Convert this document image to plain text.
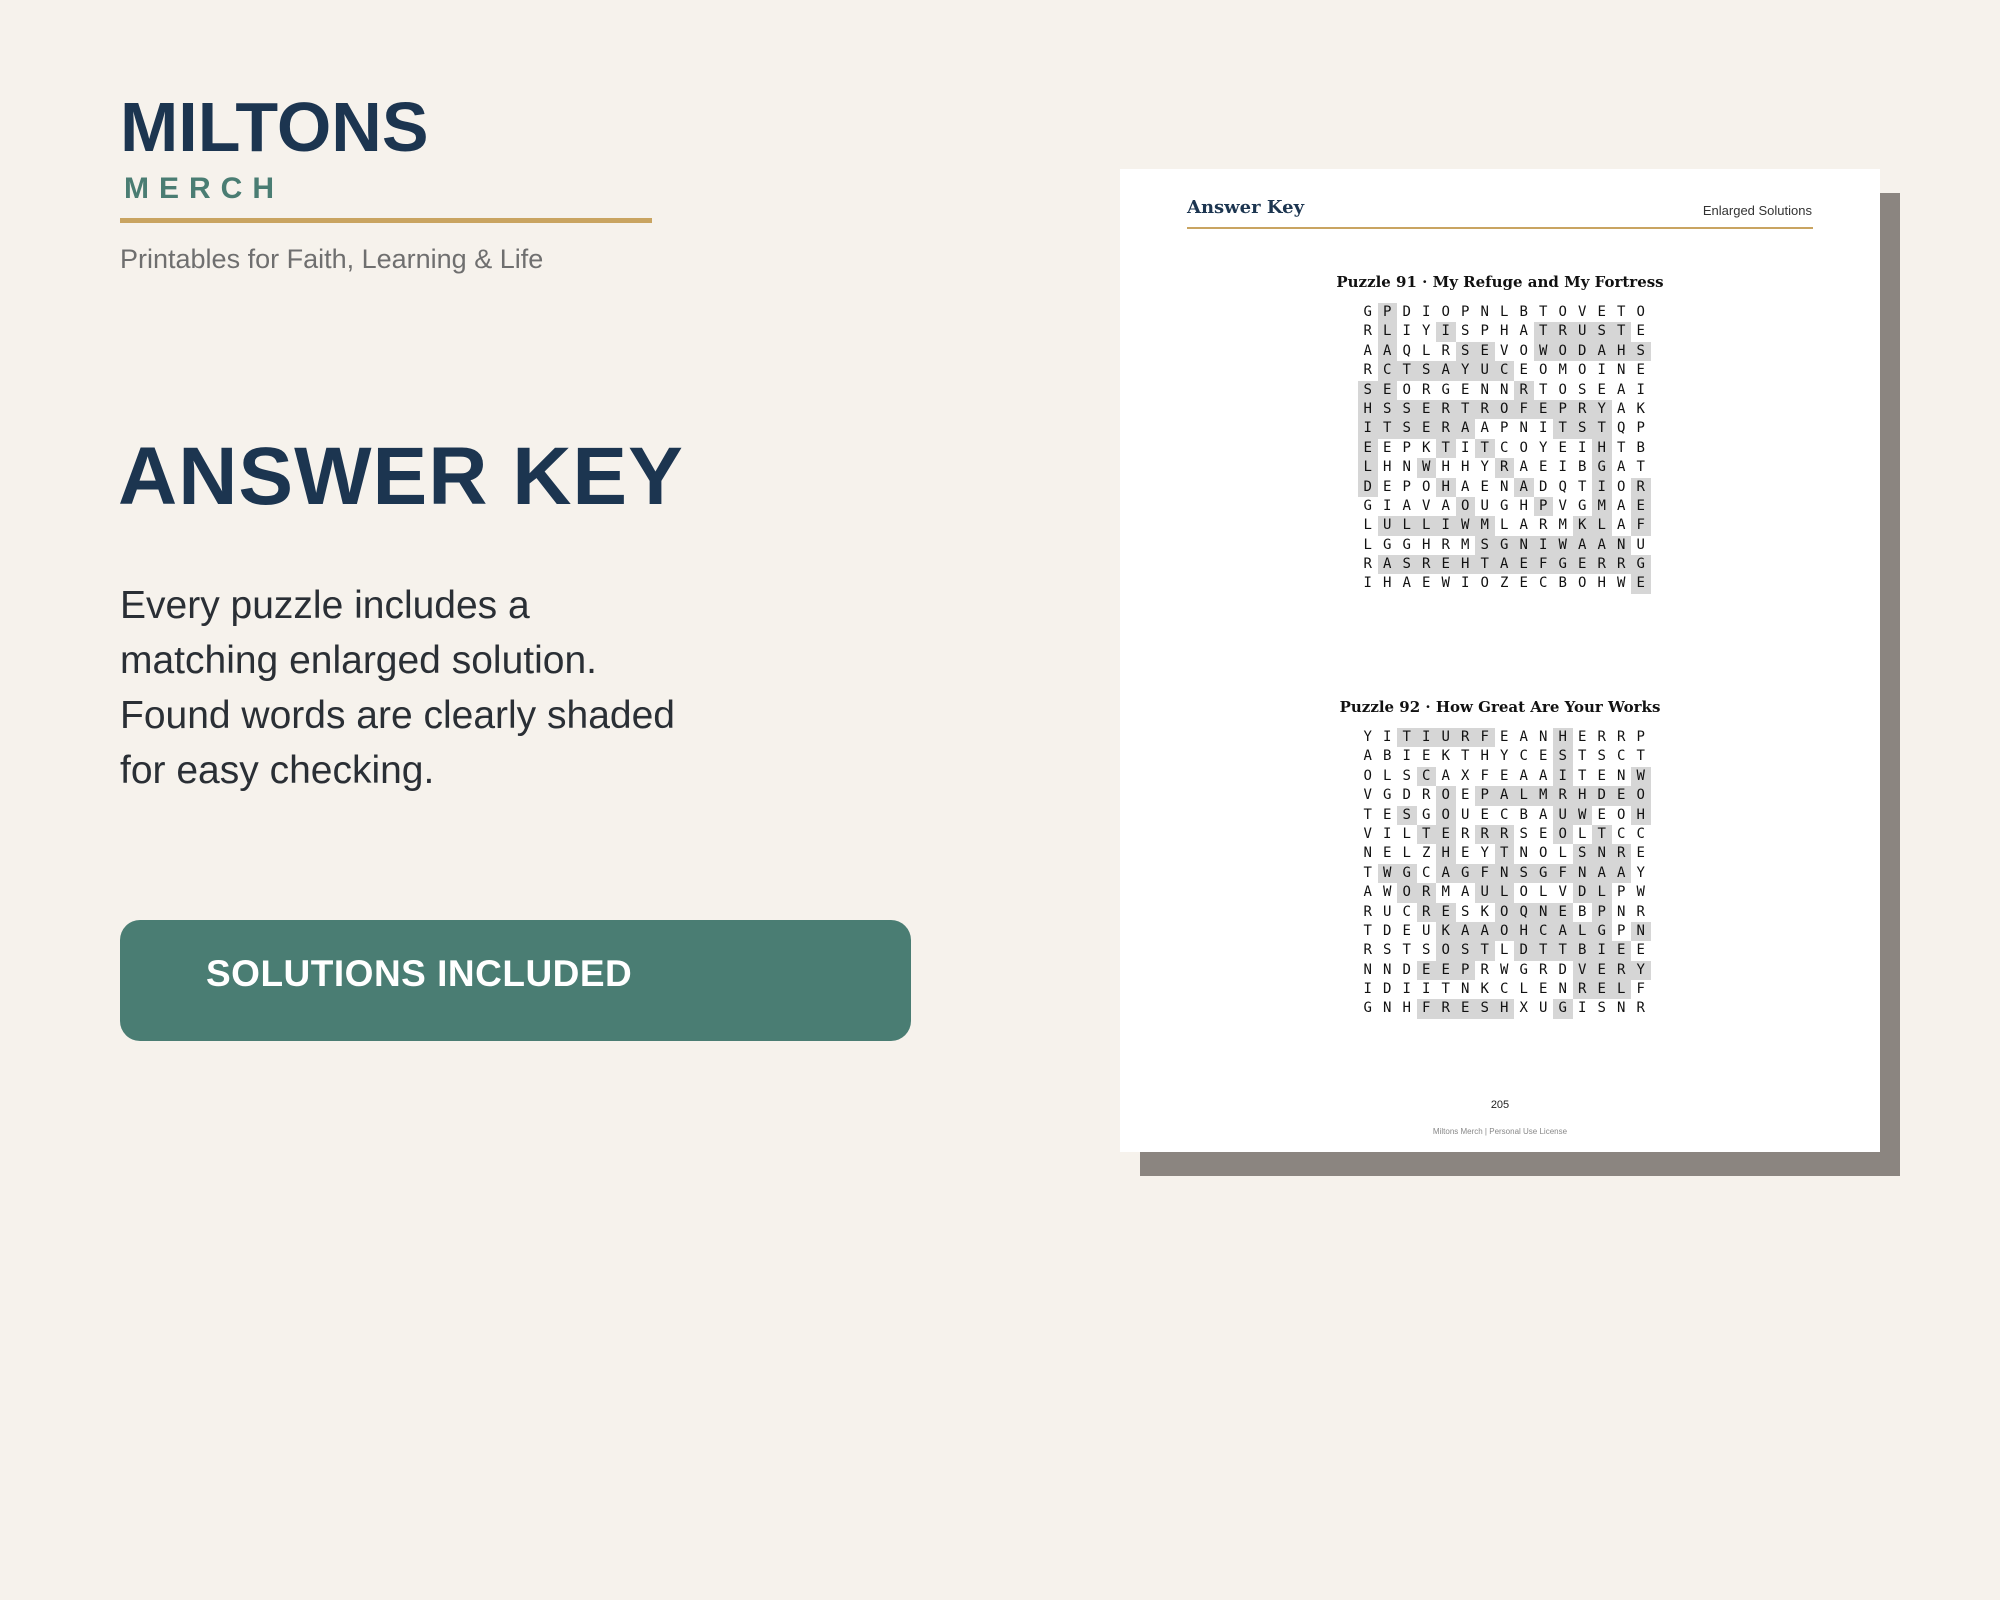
MILTONS
MERCH
Printables for Faith, Learning & Life
ANSWER KEY
Every puzzle includes a
matching enlarged solution.
Found words are clearly shaded
for easy checking.
SOLUTIONS INCLUDED
Answer Key	Enlarged Solutions
Puzzle 91 · My Refuge and My Fortress
G P D I O P N L B T O V E T O
R L I Y I S P H A T R U S T E
A A Q L R S E V O W O D A H S
R C T S A Y U C E O M O I N E
S E O R G E N N R T O S E A I
H S S E R T R O F E P R Y A K
I T S E R A A P N I T S T Q P
E E P K T I T C O Y E I H T B
L H N W H H Y R A E I B G A T
D E P O H A E N A D Q T I O R
G I A V A O U G H P V G M A E
L U L L I W M L A R M K L A F
L G G H R M S G N I W A A N U
R A S R E H T A E F G E R R G
I H A E W I O Z E C B O H W E
Puzzle 92 · How Great Are Your Works
Y I T I U R F E A N H E R R P
A B I E K T H Y C E S T S C T
O L S C A X F E A A I T E N W
V G D R O E P A L M R H D E O
T E S G O U E C B A U W E O H
V I L T E R R R S E O L T C C
N E L Z H E Y T N O L S N R E
T W G C A G F N S G F N A A Y
A W O R M A U L O L V D L P W
R U C R E S K O Q N E B P N R
T D E U K A A O H C A L G P N
R S T S O S T L D T T B I E E
N N D E E P R W G R D V E R Y
I D I I T N K C L E N R E L F
G N H F R E S H X U G I S N R
205
Miltons Merch | Personal Use License
